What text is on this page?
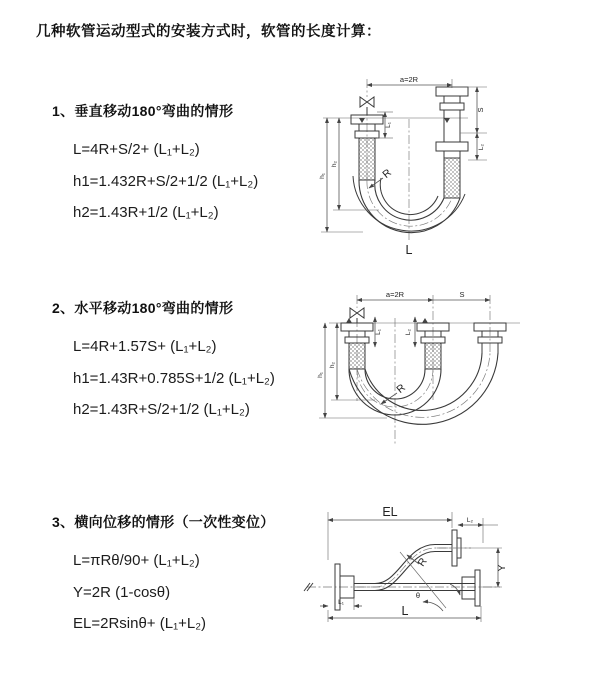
几种软管运动型式的安装方式时，软管的长度计算：
1、垂直移动180°弯曲的情形
L=4R+S/2+ (L₁+L₂)
h1=1.432R+S/2+1/2 (L₁+L₂)
h2=1.43R+1/2 (L₁+L₂)
2、水平移动180°弯曲的情形
L=4R+1.57S+ (L₁+L₂)
h1=1.43R+0.785S+1/2 (L₁+L₂)
h2=1.43R+S/2+1/2 (L₁+L₂)
3、横向位移的情形（一次性变位）
L=πRθ/90+ (L₁+L₂)
Y=2R (1-cosθ)
EL=2Rsinθ+ (L₁+L₂)
a=2R
h₁
h₂
L₁
S
L₂
R
L
a=2R	S
h₁
h₂
L₁	L₂
R
EL
L₂
Y
R
θ
L₁
L
